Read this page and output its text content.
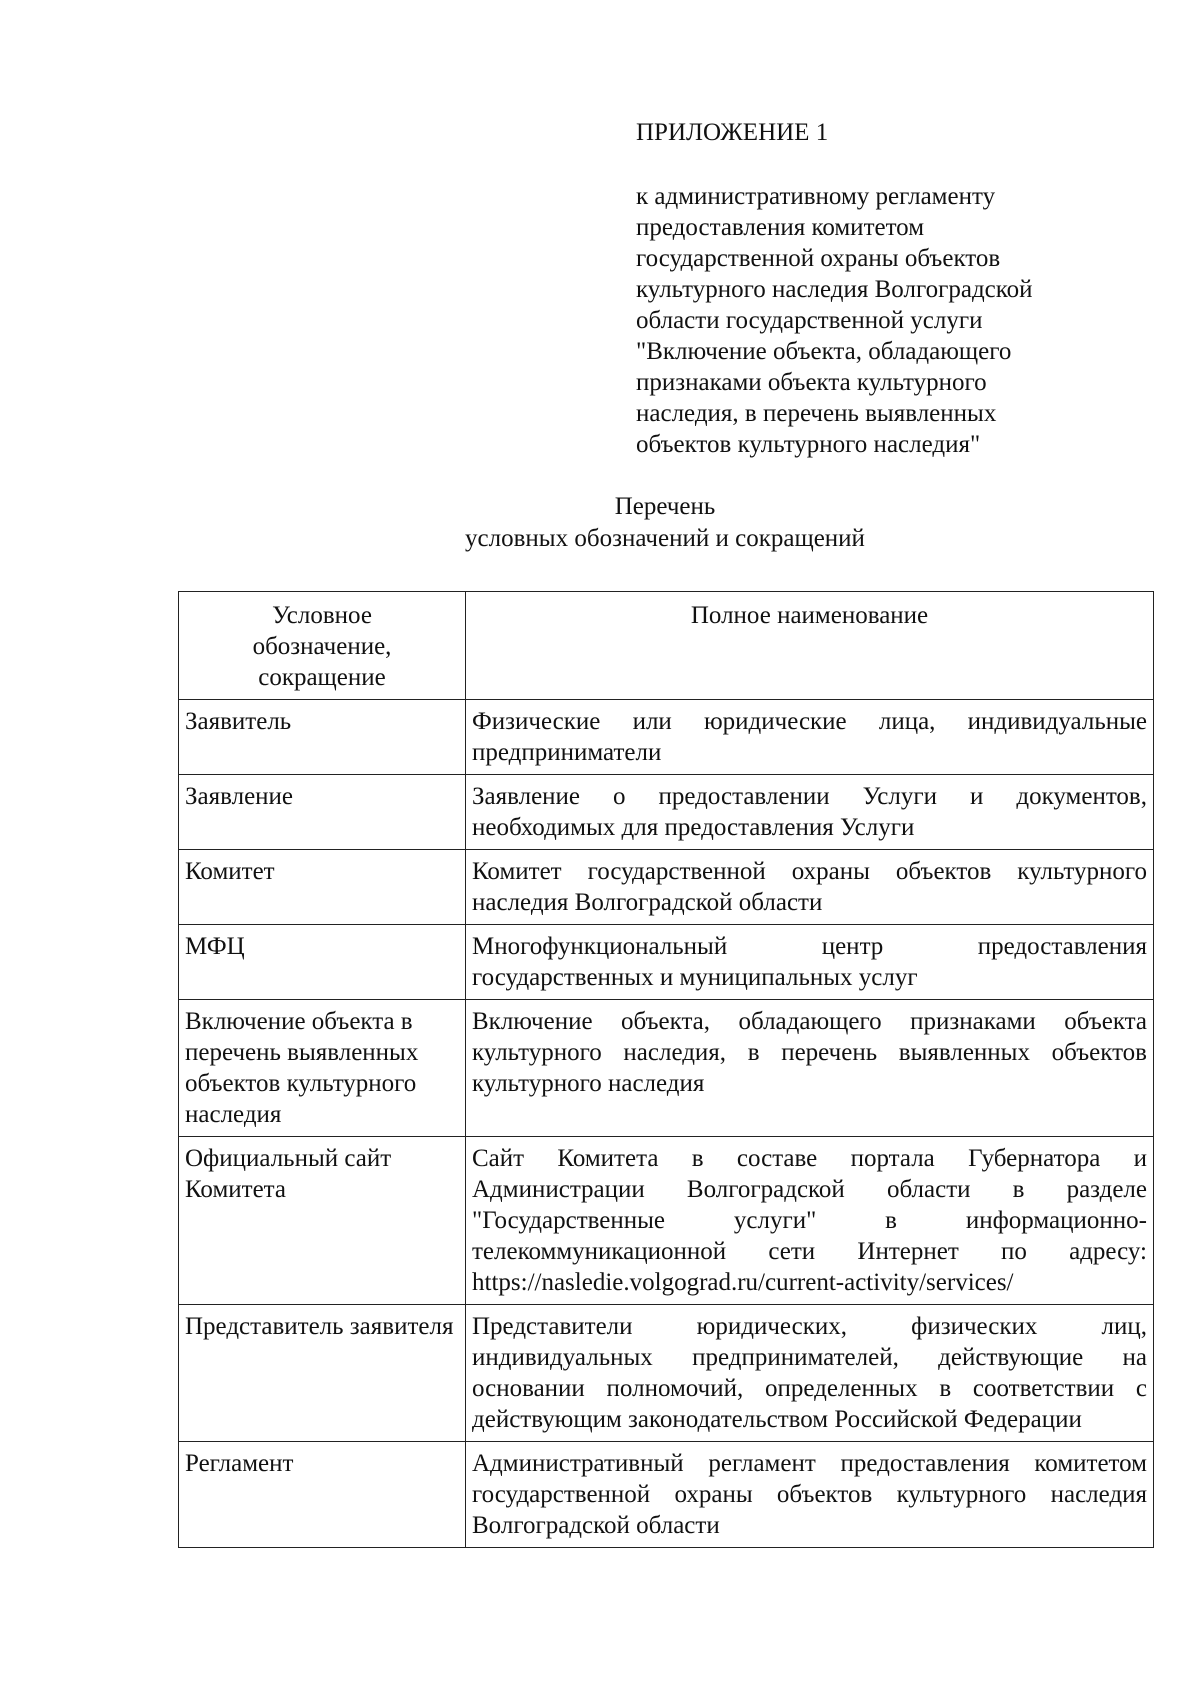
ПРИЛОЖЕНИЕ 1
к административному регламенту
предоставления комитетом
государственной охраны объектов
культурного наследия Волгоградской
области государственной услуги
"Включение объекта, обладающего
признаками объекта культурного
наследия, в перечень выявленных
объектов культурного наследия"
Перечень
условных обозначений и сокращений
Условное
обозначение,
сокращение	Полное наименование
Заявитель	Физические или юридические лица, индивидуальные предприниматели
Заявление	Заявление о предоставлении Услуги и документов, необходимых для предоставления Услуги
Комитет	Комитет государственной охраны объектов культурного наследия Волгоградской области
МФЦ	Многофункциональный центр предоставления государственных и муниципальных услуг
Включение объекта в перечень выявленных объектов культурного наследия	Включение объекта, обладающего признаками объекта культурного наследия, в перечень выявленных объектов культурного наследия
Официальный сайт Комитета	Сайт Комитета в составе портала Губернатора и Администрации Волгоградской области в разделе "Государственные услуги" в информационно-телекоммуникационной сети Интернет по адресу: https://nasledie.volgograd.ru/current-activity/services/
Представитель заявителя	Представители юридических, физических лиц, индивидуальных предпринимателей, действующие на основании полномочий, определенных в соответствии с действующим законодательством Российской Федерации
Регламент	Административный регламент предоставления комитетом государственной охраны объектов культурного наследия Волгоградской области
